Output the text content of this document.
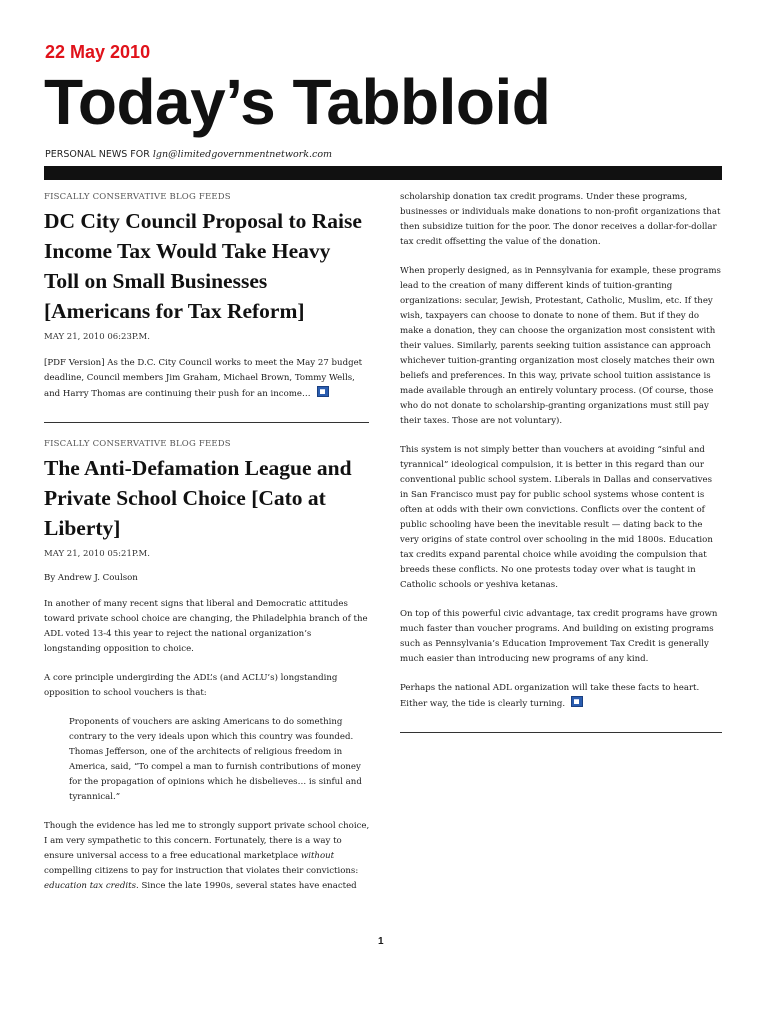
22 May 2010
Today’s Tabbloid
PERSONAL NEWS FOR lgn@limitedgovernmentnetwork.com
FISCALLY CONSERVATIVE BLOG FEEDS
DC City Council Proposal to Raise Income Tax Would Take Heavy Toll on Small Businesses [Americans for Tax Reform]
MAY 21, 2010 06:23P.M.

[PDF Version] As the D.C. City Council works to meet the May 27 budget deadline, Council members Jim Graham, Michael Brown, Tommy Wells, and Harry Thomas are continuing their push for an income…

FISCALLY CONSERVATIVE BLOG FEEDS
The Anti-Defamation League and Private School Choice [Cato at Liberty]
MAY 21, 2010 05:21P.M.
By Andrew J. Coulson

In another of many recent signs that liberal and Democratic attitudes toward private school choice are changing, the Philadelphia branch of the ADL voted 13-4 this year to reject the national organization’s longstanding opposition to choice.

A core principle undergirding the ADL’s (and ACLU’s) longstanding opposition to school vouchers is that:

Proponents of vouchers are asking Americans to do something contrary to the very ideals upon which this country was founded. Thomas Jefferson, one of the architects of religious freedom in America, said, “To compel a man to furnish contributions of money for the propagation of opinions which he disbelieves… is sinful and tyrannical.”

Though the evidence has led me to strongly support private school choice, I am very sympathetic to this concern. Fortunately, there is a way to ensure universal access to a free educational marketplace without compelling citizens to pay for instruction that violates their convictions: education tax credits. Since the late 1990s, several states have enacted

scholarship donation tax credit programs. Under these programs, businesses or individuals make donations to non-profit organizations that then subsidize tuition for the poor. The donor receives a dollar-for-dollar tax credit offsetting the value of the donation.

When properly designed, as in Pennsylvania for example, these programs lead to the creation of many different kinds of tuition-granting organizations: secular, Jewish, Protestant, Catholic, Muslim, etc. If they wish, taxpayers can choose to donate to none of them. But if they do make a donation, they can choose the organization most consistent with their values. Similarly, parents seeking tuition assistance can approach whichever tuition-granting organization most closely matches their own beliefs and preferences. In this way, private school tuition assistance is made available through an entirely voluntary process. (Of course, those who do not donate to scholarship-granting organizations must still pay their taxes. Those are not voluntary).

This system is not simply better than vouchers at avoiding “sinful and tyrannical” ideological compulsion, it is better in this regard than our conventional public school system. Liberals in Dallas and conservatives in San Francisco must pay for public school systems whose content is often at odds with their own convictions. Conflicts over the content of public schooling have been the inevitable result — dating back to the very origins of state control over schooling in the mid 1800s. Education tax credits expand parental choice while avoiding the compulsion that breeds these conflicts. No one protests today over what is taught in Catholic schools or yeshiva ketanas.

On top of this powerful civic advantage, tax credit programs have grown much faster than voucher programs. And building on existing programs such as Pennsylvania’s Education Improvement Tax Credit is generally much easier than introducing new programs of any kind.

Perhaps the national ADL organization will take these facts to heart. Either way, the tide is clearly turning.

1
